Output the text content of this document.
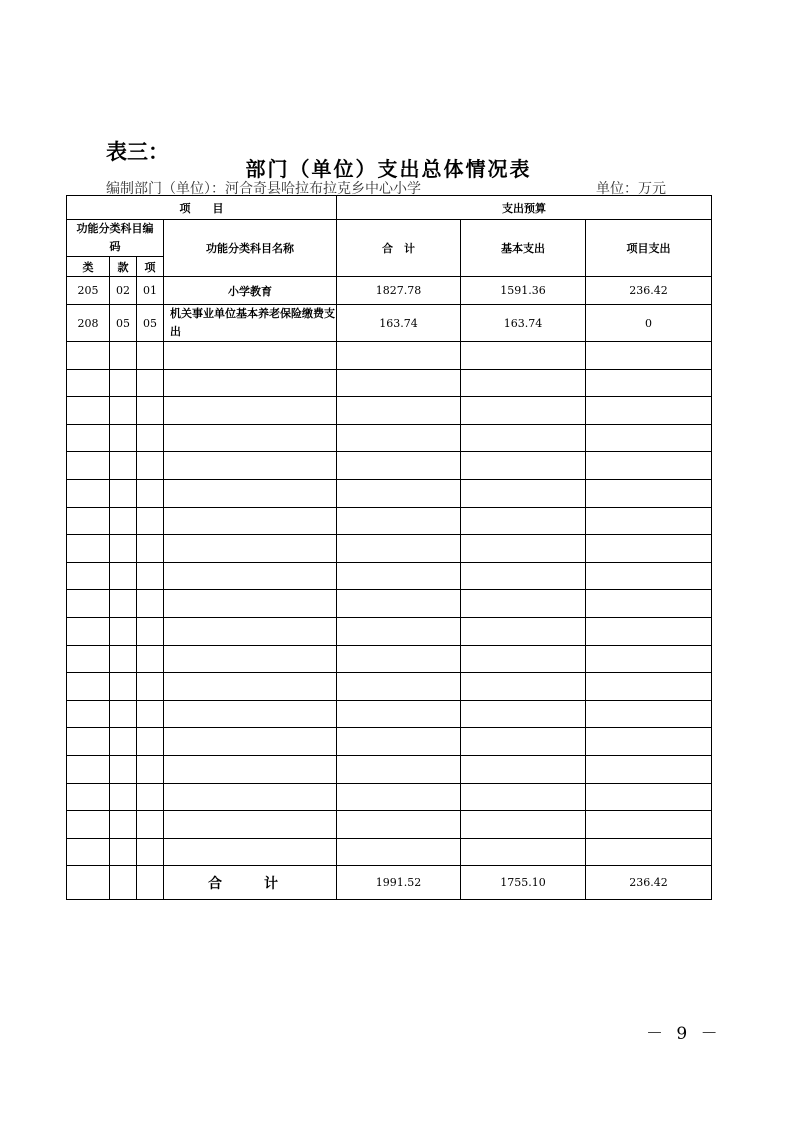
表三：
部门（单位）支出总体情况表
编制部门（单位）：河合奇县哈拉布拉克乡中心小学	单位：万元
项　　目				支出预算		
功能分类科目编码			功能分类科目名称	合　计	基本支出	项目支出
类	款	项				
205	02	01	小学教育	1827.78	1591.36	236.42
208	05	05	机关事业单位基本养老保险缴费支出	163.74	163.74	0

			合　计	1991.52	1755.10	236.42
－ 9 －
